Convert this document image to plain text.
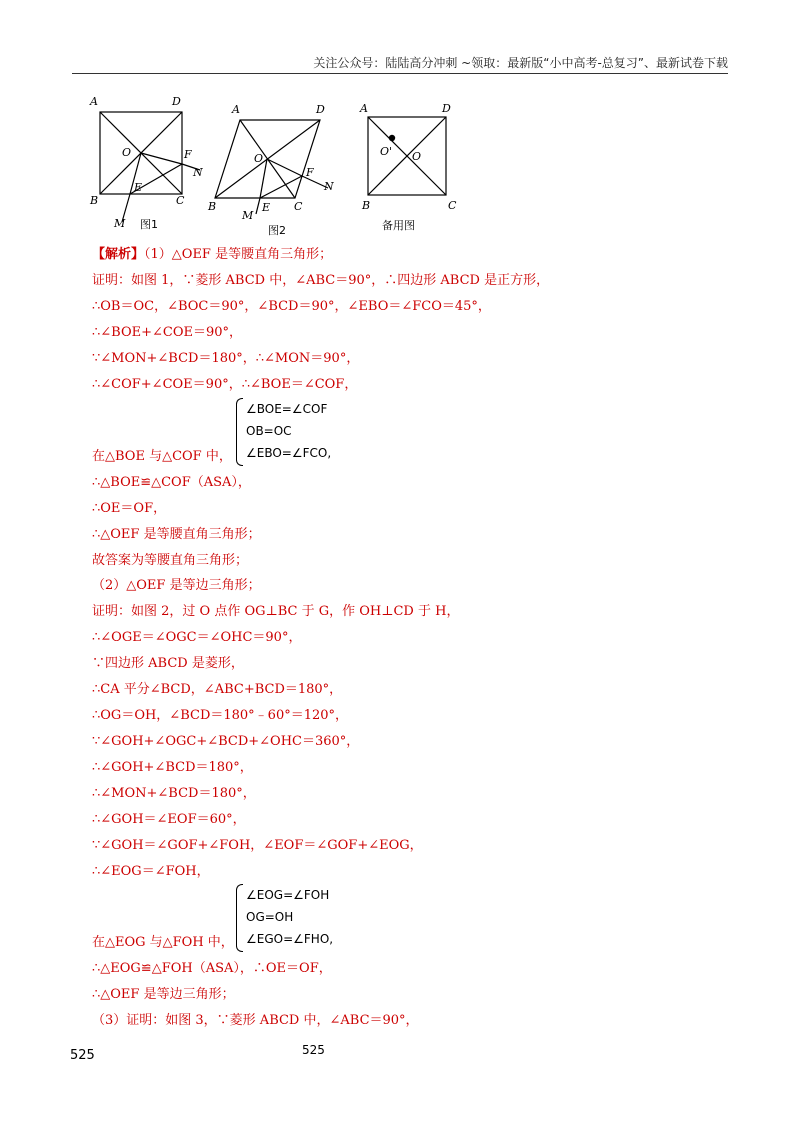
关注公众号：陆陆高分冲刺 ~领取：最新版“小中高考-总复习”、最新试卷下载
A	D
B	C
O	F
N
E
M 图1
A	D
B	C
O
F
N
E
M
图2
A	D
B	C
O' O
备用图
【解析】（1）△OEF 是等腰直角三角形；
证明：如图 1，∵菱形 ABCD 中，∠ABC＝90°，∴四边形 ABCD 是正方形，
∴OB＝OC，∠BOC＝90°，∠BCD＝90°，∠EBO＝∠FCO＝45°，
∴∠BOE+∠COE＝90°，
∵∠MON+∠BCD＝180°，∴∠MON＝90°，
∴∠COF+∠COE＝90°，∴∠BOE＝∠COF，
∠BOE=∠COF
OB=OC
∠EBO=∠FCO,
在△BOE 与△COF 中，
∴△BOE≌△COF（ASA），
∴OE＝OF，
∴△OEF 是等腰直角三角形；
故答案为等腰直角三角形；
（2）△OEF 是等边三角形；
证明：如图 2，过 O 点作 OG⊥BC 于 G，作 OH⊥CD 于 H，
∴∠OGE＝∠OGC＝∠OHC＝90°，
∵四边形 ABCD 是菱形，
∴CA 平分∠BCD，∠ABC+BCD＝180°，
∴OG＝OH，∠BCD＝180°﹣60°＝120°，
∵∠GOH+∠OGC+∠BCD+∠OHC＝360°，
∴∠GOH+∠BCD＝180°，
∴∠MON+∠BCD＝180°，
∴∠GOH＝∠EOF＝60°，
∵∠GOH＝∠GOF+∠FOH，∠EOF＝∠GOF+∠EOG，
∴∠EOG＝∠FOH，
∠EOG=∠FOH
OG=OH
∠EGO=∠FHO,
在△EOG 与△FOH 中，
∴△EOG≌△FOH（ASA），∴OE＝OF，
∴△OEF 是等边三角形；
（3）证明：如图 3，∵菱形 ABCD 中，∠ABC＝90°，
525	525
